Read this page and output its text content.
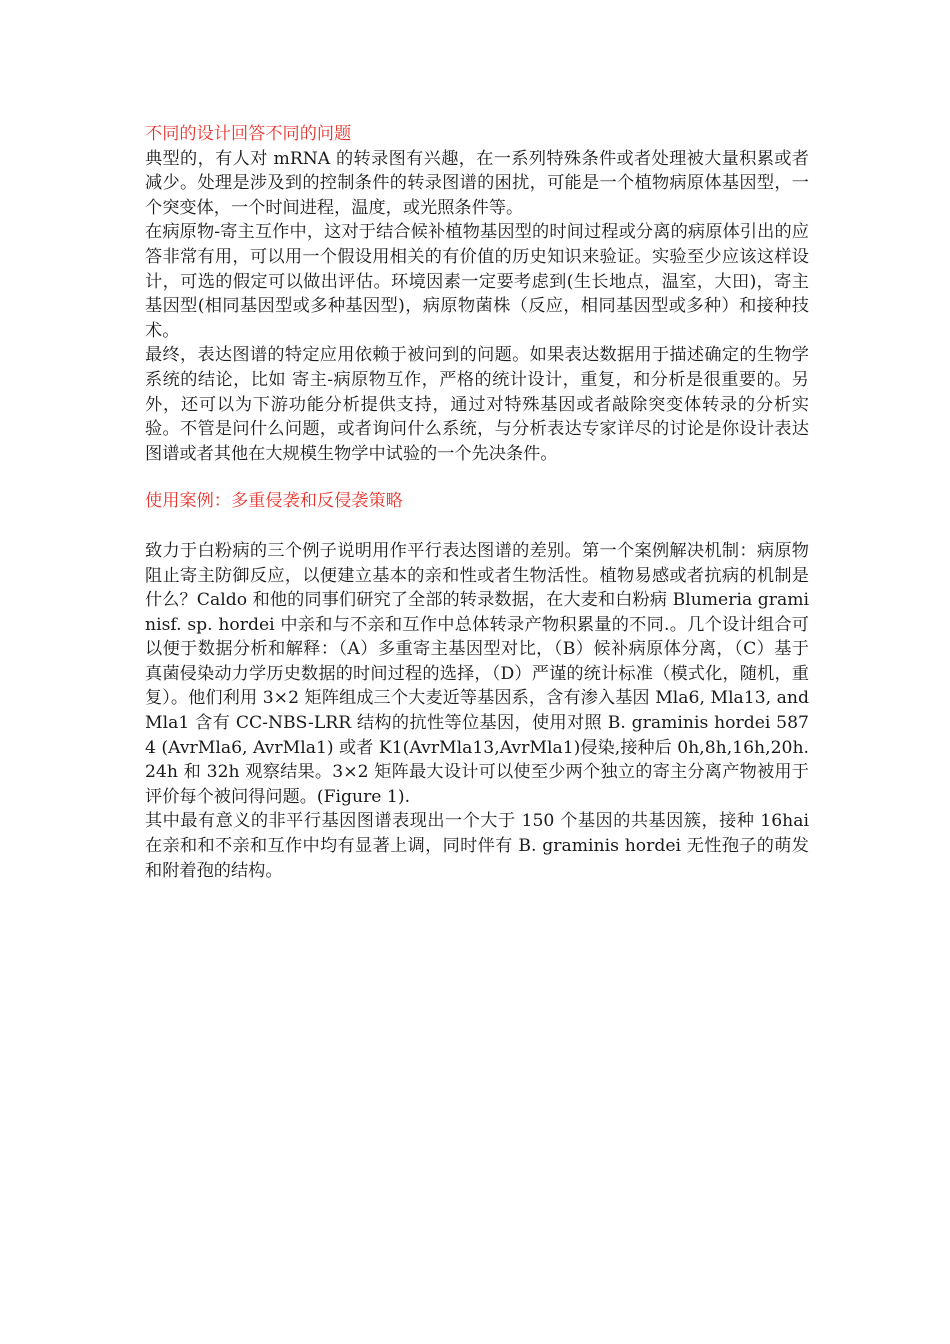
不同的设计回答不同的问题

典型的，有人对 mRNA 的转录图有兴趣，在一系列特殊条件或者处理被大量积累或者减少。处理是涉及到的控制条件的转录图谱的困扰，可能是一个植物病原体基因型，一个突变体，一个时间进程，温度，或光照条件等。

在病原物-寄主互作中，这对于结合候补植物基因型的时间过程或分离的病原体引出的应答非常有用，可以用一个假设用相关的有价值的历史知识来验证。实验至少应该这样设计，可选的假定可以做出评估。环境因素一定要考虑到(生长地点，温室，大田)，寄主基因型(相同基因型或多种基因型)，病原物菌株（反应，相同基因型或多种）和接种技术。

最终，表达图谱的特定应用依赖于被问到的问题。如果表达数据用于描述确定的生物学系统的结论，比如 寄主-病原物互作，严格的统计设计，重复，和分析是很重要的。另外，还可以为下游功能分析提供支持，通过对特殊基因或者敲除突变体转录的分析实验。不管是问什么问题，或者询问什么系统，与分析表达专家详尽的讨论是你设计表达图谱或者其他在大规模生物学中试验的一个先决条件。

使用案例：多重侵袭和反侵袭策略

致力于白粉病的三个例子说明用作平行表达图谱的差别。第一个案例解决机制：病原物阻止寄主防御反应，以便建立基本的亲和性或者生物活性。植物易感或者抗病的机制是什么？Caldo 和他的同事们研究了全部的转录数据，在大麦和白粉病 Blumeria graminisf. sp. hordei 中亲和与不亲和互作中总体转录产物积累量的不同.。几个设计组合可以便于数据分析和解释：（A）多重寄主基因型对比，（B）候补病原体分离，（C）基于真菌侵染动力学历史数据的时间过程的选择，（D）严谨的统计标准（模式化，随机，重复）。他们利用 3×2 矩阵组成三个大麦近等基因系，含有渗入基因 Mla6, Mla13, and Mla1 含有 CC-NBS-LRR 结构的抗性等位基因，使用对照 B. graminis hordei 5874 (AvrMla6, AvrMla1) 或者 K1(AvrMla13,AvrMla1)侵染,接种后 0h,8h,16h,20h.24h 和 32h 观察结果。3×2 矩阵最大设计可以使至少两个独立的寄主分离产物被用于评价每个被问得问题。(Figure 1).

其中最有意义的非平行基因图谱表现出一个大于 150 个基因的共基因簇，接种 16hai 在亲和和不亲和互作中均有显著上调，同时伴有 B. graminis hordei 无性孢子的萌发和附着孢的结构。
